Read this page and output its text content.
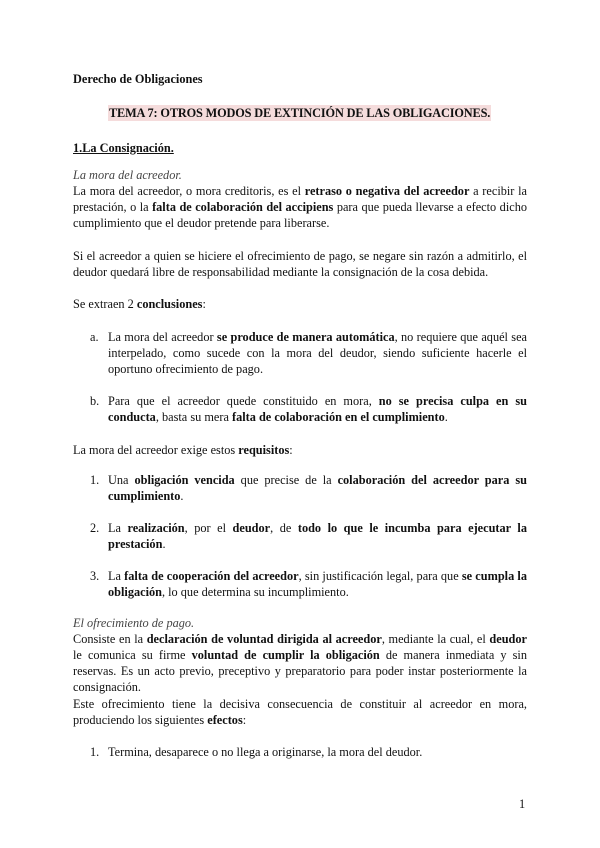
Derecho de Obligaciones
TEMA 7: OTROS MODOS DE EXTINCIÓN DE LAS OBLIGACIONES.
1.La Consignación.
La mora del acreedor.
La mora del acreedor, o mora creditoris, es el retraso o negativa del acreedor a recibir la prestación, o la falta de colaboración del accipiens para que pueda llevarse a efecto dicho cumplimiento que el deudor pretende para liberarse.
Si el acreedor a quien se hiciere el ofrecimiento de pago, se negare sin razón a admitirlo, el deudor quedará libre de responsabilidad mediante la consignación de la cosa debida.
Se extraen 2 conclusiones:
a. La mora del acreedor se produce de manera automática, no requiere que aquél sea interpelado, como sucede con la mora del deudor, siendo suficiente hacerle el oportuno ofrecimiento de pago.
b. Para que el acreedor quede constituido en mora, no se precisa culpa en su conducta, basta su mera falta de colaboración en el cumplimiento.
La mora del acreedor exige estos requisitos:
1. Una obligación vencida que precise de la colaboración del acreedor para su cumplimiento.
2. La realización, por el deudor, de todo lo que le incumba para ejecutar la prestación.
3. La falta de cooperación del acreedor, sin justificación legal, para que se cumpla la obligación, lo que determina su incumplimiento.
El ofrecimiento de pago.
Consiste en la declaración de voluntad dirigida al acreedor, mediante la cual, el deudor le comunica su firme voluntad de cumplir la obligación de manera inmediata y sin reservas. Es un acto previo, preceptivo y preparatorio para poder instar posteriormente la consignación.
Este ofrecimiento tiene la decisiva consecuencia de constituir al acreedor en mora, produciendo los siguientes efectos:
1. Termina, desaparece o no llega a originarse, la mora del deudor.
1
